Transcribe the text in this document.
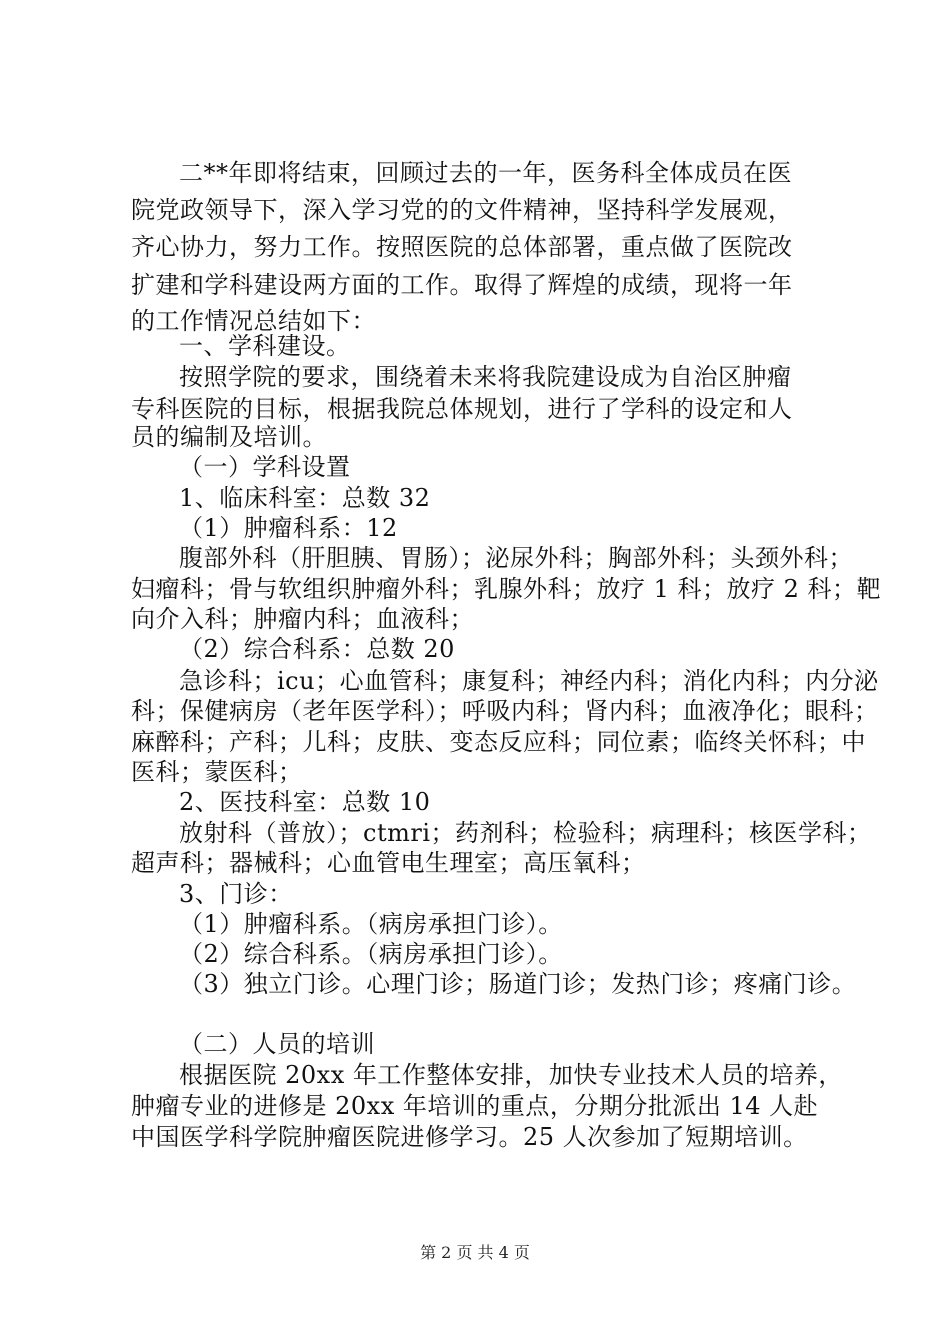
二**年即将结束，回顾过去的一年，医务科全体成员在医
院党政领导下，深入学习党的的文件精神，坚持科学发展观，
齐心协力，努力工作。按照医院的总体部署，重点做了医院改
扩建和学科建设两方面的工作。取得了辉煌的成绩，现将一年
的工作情况总结如下：
一、学科建设。
按照学院的要求，围绕着未来将我院建设成为自治区肿瘤
专科医院的目标，根据我院总体规划，进行了学科的设定和人
员的编制及培训。
（一）学科设置
1、临床科室：总数 32
（1）肿瘤科系：12
腹部外科（肝胆胰、胃肠）；泌尿外科；胸部外科；头颈外科；
妇瘤科；骨与软组织肿瘤外科；乳腺外科；放疗 1 科；放疗 2 科；靶
向介入科；肿瘤内科；血液科；
（2）综合科系：总数 20
急诊科；icu；心血管科；康复科；神经内科；消化内科；内分泌
科；保健病房（老年医学科）；呼吸内科；肾内科；血液净化；眼科；
麻醉科；产科；儿科；皮肤、变态反应科；同位素；临终关怀科；中
医科；蒙医科；
2、医技科室：总数 10
放射科（普放）；ctmri；药剂科；检验科；病理科；核医学科；
超声科；器械科；心血管电生理室；高压氧科；
3、门诊：
（1）肿瘤科系。（病房承担门诊）。
（2）综合科系。（病房承担门诊）。
（3）独立门诊。心理门诊；肠道门诊；发热门诊；疼痛门诊。
（二）人员的培训
根据医院 20xx 年工作整体安排，加快专业技术人员的培养，
肿瘤专业的进修是 20xx 年培训的重点，分期分批派出 14 人赴
中国医学科学院肿瘤医院进修学习。25 人次参加了短期培训。
第 2 页 共 4 页
